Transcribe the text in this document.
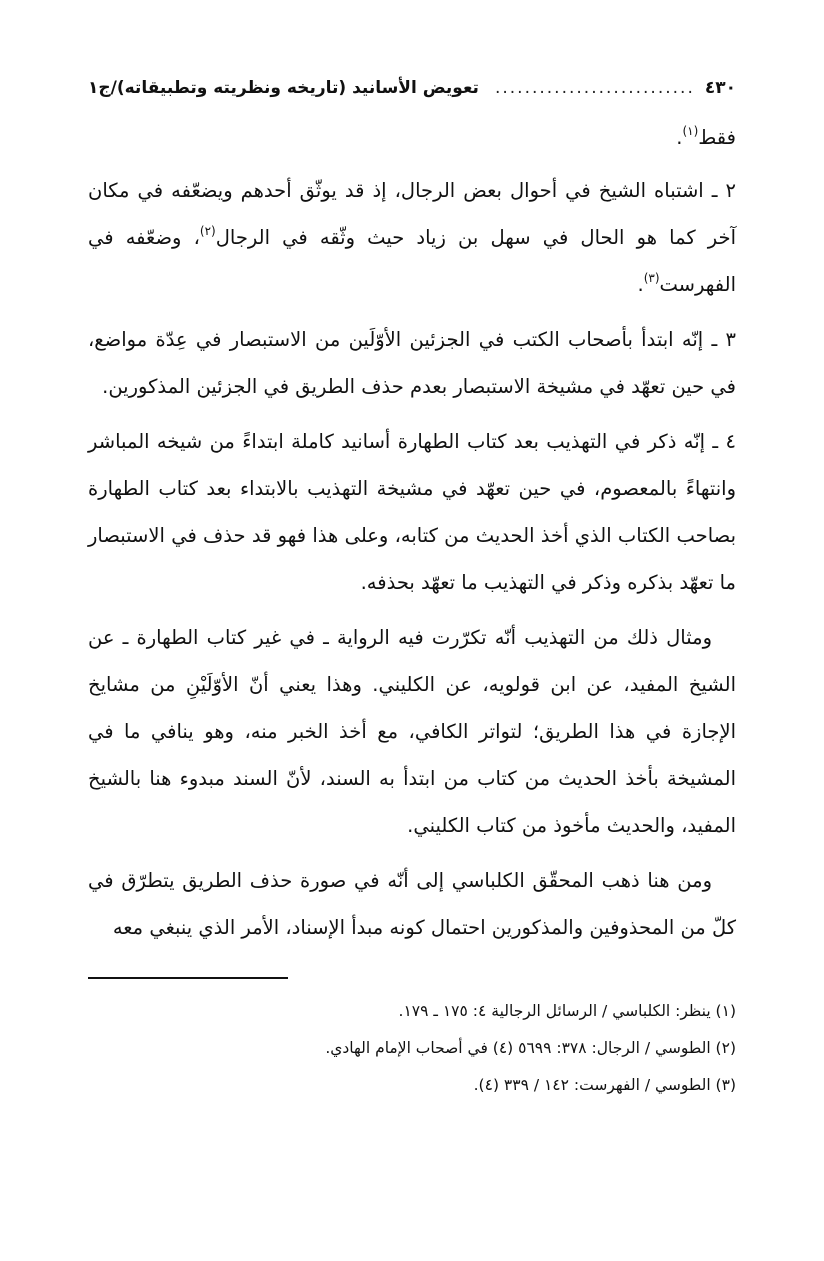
٤٣٠
...........................
تعويض الأسانيد (تاريخه ونظريته وتطبيقاته)/ج١

فقط$^{(١)}$.

٢ ـ اشتباه الشيخ في أحوال بعض الرجال، إذ قد يوثّق أحدهم ويضعّفه في مكان آخر كما هو الحال في سهل بن زياد حيث وثّقه في الرجال$^{(٢)}$، وضعّفه في الفهرست$^{(٣)}$.

٣ ـ إنّه ابتدأ بأصحاب الكتب في الجزئين الأوّلَين من الاستبصار في عِدّة مواضع، في حين تعهّد في مشيخة الاستبصار بعدم حذف الطريق في الجزئين المذكورين.

٤ ـ إنّه ذكر في التهذيب بعد كتاب الطهارة أسانيد كاملة ابتداءً من شيخه المباشر وانتهاءً بالمعصوم، في حين تعهّد في مشيخة التهذيب بالابتداء بعد كتاب الطهارة بصاحب الكتاب الذي أخذ الحديث من كتابه، وعلى هذا فهو قد حذف في الاستبصار ما تعهّد بذكره وذكر في التهذيب ما تعهّد بحذفه.

ومثال ذلك من التهذيب أنّه تكرّرت فيه الرواية ـ في غير كتاب الطهارة ـ عن الشيخ المفيد، عن ابن قولويه، عن الكليني. وهذا يعني أنّ الأوّلَيْنِ من مشايخ الإجازة في هذا الطريق؛ لتواتر الكافي، مع أخذ الخبر منه، وهو ينافي ما في المشيخة بأخذ الحديث من كتاب من ابتدأ به السند، لأنّ السند مبدوء هنا بالشيخ المفيد، والحديث مأخوذ من كتاب الكليني.

ومن هنا ذهب المحقّق الكلباسي إلى أنّه في صورة حذف الطريق يتطرّق في كلّ من المحذوفين والمذكورين احتمال كونه مبدأ الإسناد، الأمر الذي ينبغي معه

(١) ينظر: الكلباسي / الرسائل الرجالية ٤: ١٧٥ ـ ١٧٩.
(٢) الطوسي / الرجال: ٣٧٨: ٥٦٩٩ (٤) في أصحاب الإمام الهادي.
(٣) الطوسي / الفهرست: ١٤٢ / ٣٣٩ (٤).
